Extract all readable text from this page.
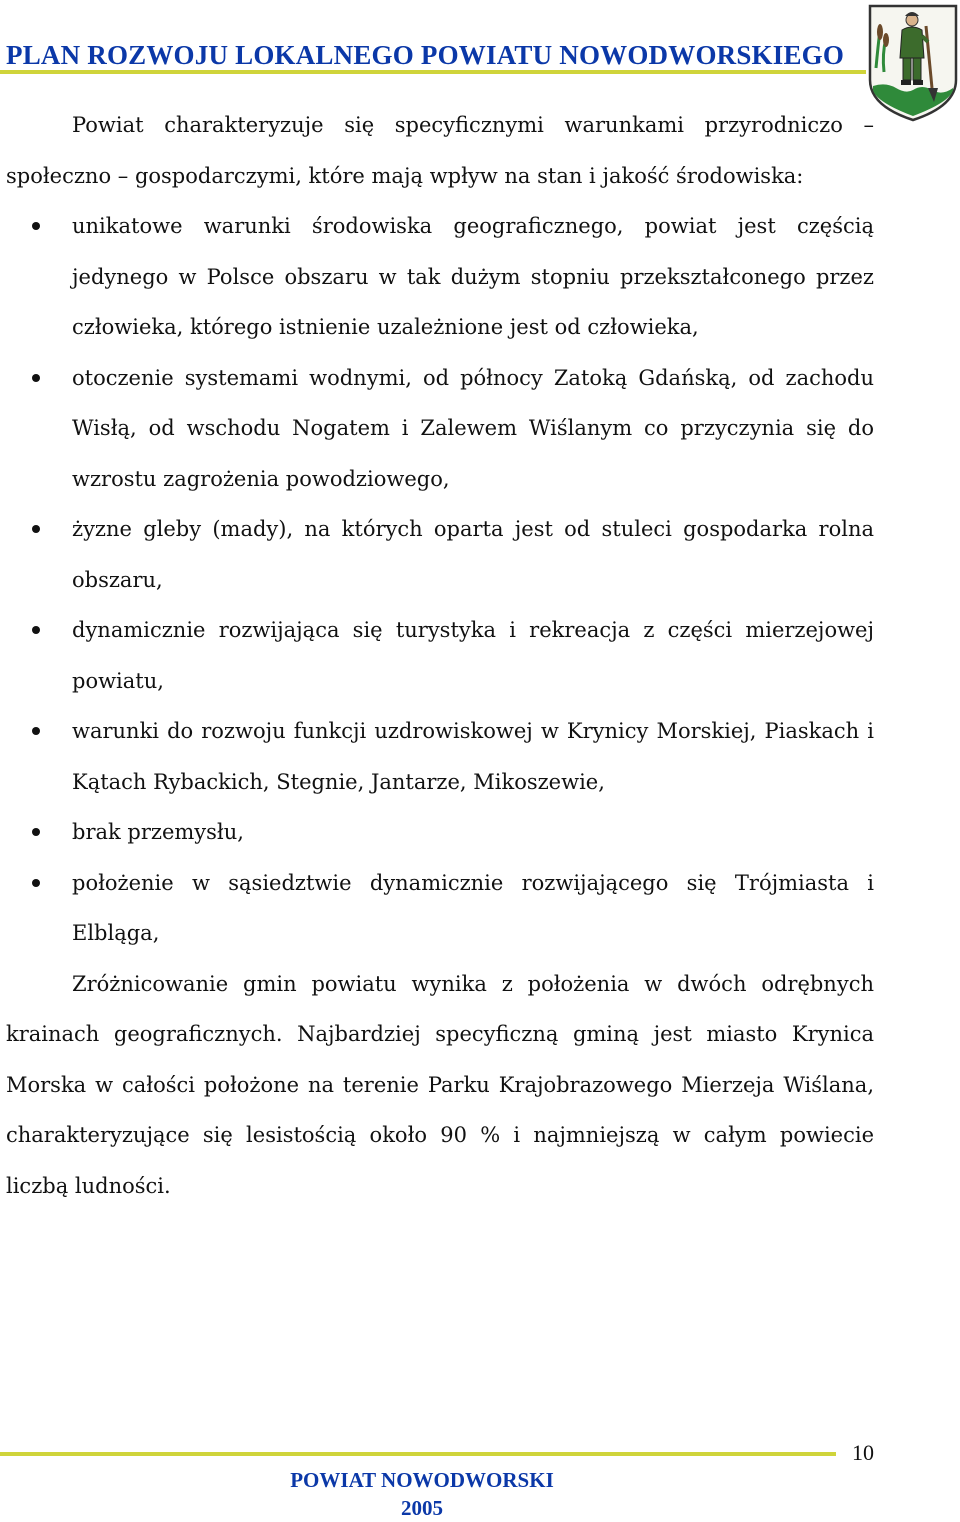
PLAN ROZWOJU LOKALNEGO POWIATU NOWODWORSKIEGO

Powiat charakteryzuje się specyficznymi warunkami przyrodniczo – społeczno – gospodarczymi, które mają wpływ na stan i jakość środowiska:

unikatowe warunki środowiska geograficznego, powiat jest częścią jedynego w Polsce obszaru w tak dużym stopniu przekształconego przez człowieka, którego istnienie uzależnione jest od człowieka,
otoczenie systemami wodnymi, od północy Zatoką Gdańską, od zachodu Wisłą, od wschodu Nogatem i Zalewem Wiślanym co przyczynia się do wzrostu zagrożenia powodziowego,
żyzne gleby (mady), na których oparta jest od stuleci gospodarka rolna obszaru,
dynamicznie rozwijająca się turystyka i rekreacja z części mierzejowej powiatu,
warunki do rozwoju funkcji uzdrowiskowej w Krynicy Morskiej, Piaskach i Kątach Rybackich, Stegnie, Jantarze, Mikoszewie,
brak przemysłu,
położenie w sąsiedztwie dynamicznie rozwijającego się Trójmiasta i Elbląga,

Zróżnicowanie gmin powiatu wynika z położenia w dwóch odrębnych krainach geograficznych. Najbardziej specyficzną gminą jest miasto Krynica Morska w całości położone na terenie Parku Krajobrazowego Mierzeja Wiślana, charakteryzujące się lesistością około 90 % i najmniejszą w całym powiecie liczbą ludności.

10
POWIAT NOWODWORSKI
2005
